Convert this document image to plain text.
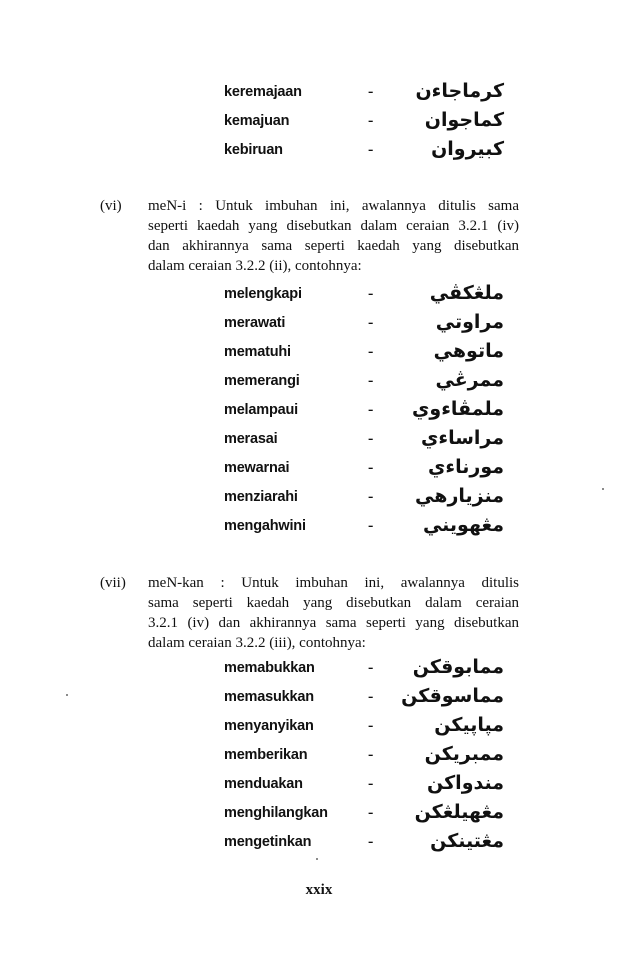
keremajaan	- كرماجاءن
kemajuan	-	كماجوان
kebiruan	-	كبيروان
(vi) meN-i : Untuk imbuhan ini, awalannya ditulis sama
seperti kaedah yang disebutkan dalam ceraian 3.2.1 (iv)
dan akhirannya sama seperti kaedah yang disebutkan
dalam ceraian 3.2.2 (ii), contohnya:
melengkapi	-	ملڠكڤي
merawati	-	مراوتي
mematuhi	-	ماتوهي
memerangi	-	ممرڠي
melampaui	- ملمڤاءوي
merasai	-	مراساءي
mewarnai	-	مورناءي
menziarahi	- منزيارهي
mengahwini	-	مڠهويني
(vii) meN-kan : Untuk imbuhan ini, awalannya ditulis
sama seperti kaedah yang disebutkan dalam ceraian
3.2.1 (iv) dan akhirannya sama seperti yang disebutkan
dalam ceraian 3.2.2 (iii), contohnya:
memabukkan	- ممابوقكن
memasukkan	- مماسوقكن
menyanyikan	-	مپاپيكن
memberikan	-	ممبريكن
menduakan	-	مندواكن
menghilangkan	- مڠهيلڠكن
mengetinkan	-	مڠتينكن
xxix
